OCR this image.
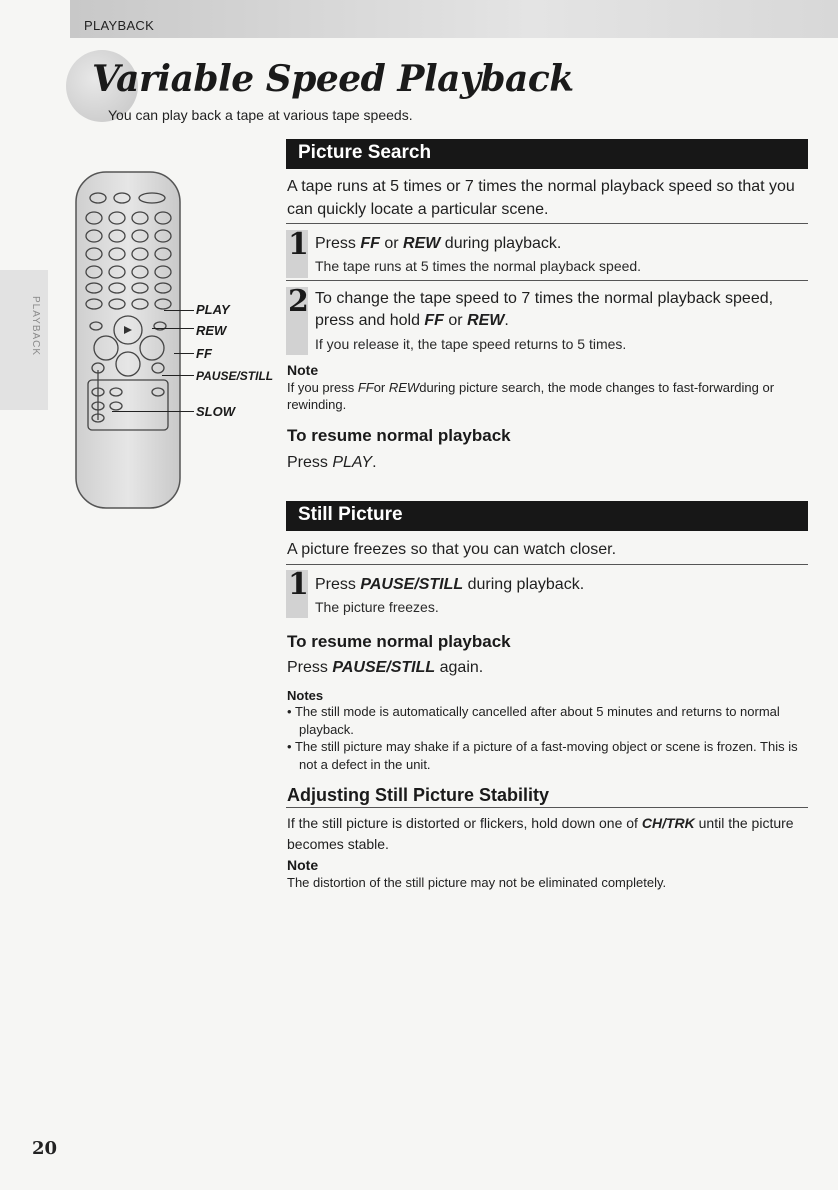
PLAYBACK
PLAYBACK
Variable Speed Playback
You can play back a tape at various tape speeds.
PLAY
REW
FF
PAUSE/STILL
SLOW
Picture Search
A tape runs at 5 times or 7 times the normal playback speed so that you can quickly locate a particular scene.
1 Press FF or REW during playback.
The tape runs at 5 times the normal playback speed.
2 To change the tape speed to 7 times the normal playback speed, press and hold FF or REW.
If you release it, the tape speed returns to 5 times.
Note
If you press FFor REWduring picture search, the mode changes to fast-forwarding or rewinding.
To resume normal playback
Press PLAY.
Still Picture
A picture freezes so that you can watch closer.
1 Press PAUSE/STILL during playback.
The picture freezes.
To resume normal playback
Press PAUSE/STILL again.
Notes
• The still mode is automatically cancelled after about 5 minutes and returns to normal playback.
• The still picture may shake if a picture of a fast-moving object or scene is frozen. This is not a defect in the unit.
Adjusting Still Picture Stability
If the still picture is distorted or flickers, hold down one of CH/TRK until the picture becomes stable.
Note
The distortion of the still picture may not be eliminated completely.
20
